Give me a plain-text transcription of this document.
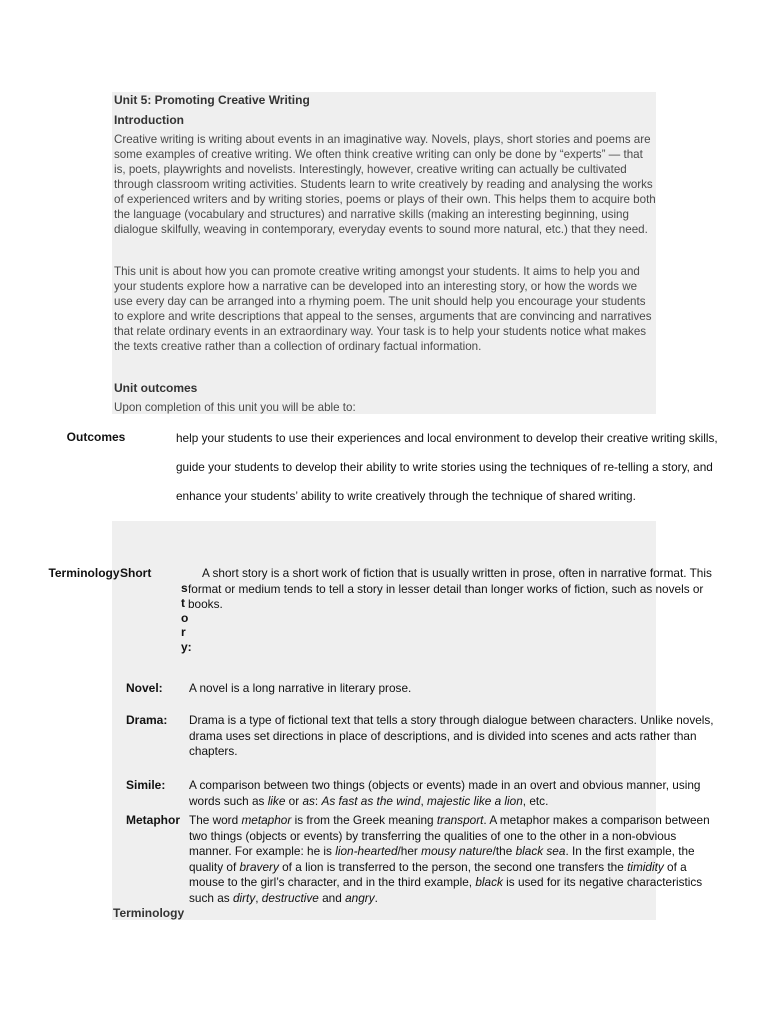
Unit 5: Promoting Creative Writing
Introduction
Creative writing is writing about events in an imaginative way. Novels, plays, short stories and poems are some examples of creative writing. We often think creative writing can only be done by “experts” — that is, poets, playwrights and novelists. Interestingly, however, creative writing can actually be cultivated through classroom writing activities. Students learn to write creatively by reading and analysing the works of experienced writers and by writing stories, poems or plays of their own. This helps them to acquire both the language (vocabulary and structures) and narrative skills (making an interesting beginning, using dialogue skilfully, weaving in contemporary, everyday events to sound more natural, etc.) that they need.
This unit is about how you can promote creative writing amongst your students. It aims to help you and your students explore how a narrative can be developed into an interesting story, or how the words we use every day can be arranged into a rhyming poem. The unit should help you encourage your students to explore and write descriptions that appeal to the senses, arguments that are convincing and narratives that relate ordinary events in an extraordinary way. Your task is to help your students notice what makes the texts creative rather than a collection of ordinary factual information.
Unit outcomes
Upon completion of this unit you will be able to:
Outcomes	help your students to use their experiences and local environment to develop their creative writing skills,
guide your students to develop their ability to write stories using the techniques of re-telling a story, and
enhance your students’ ability to write creatively through the technique of shared writing.
Terminology Short
story:
A short story is a short work of fiction that is usually written in prose, often in narrative format. This format or medium tends to tell a story in lesser detail than longer works of fiction, such as novels or books.
Novel: A novel is a long narrative in literary prose.
Drama: Drama is a type of fictional text that tells a story through dialogue between characters. Unlike novels, drama uses set directions in place of descriptions, and is divided into scenes and acts rather than chapters.
Simile: A comparison between two things (objects or events) made in an overt and obvious manner, using words such as like or as: As fast as the wind, majestic like a lion, etc.
Metaphor The word metaphor is from the Greek meaning transport. A metaphor makes a comparison between two things (objects or events) by transferring the qualities of one to the other in a non-obvious manner. For example: he is lion-hearted/her mousy nature/the black sea. In the first example, the quality of bravery of a lion is transferred to the person, the second one transfers the timidity of a mouse to the girl’s character, and in the third example, black is used for its negative characteristics such as dirty, destructive and angry.
Terminology
